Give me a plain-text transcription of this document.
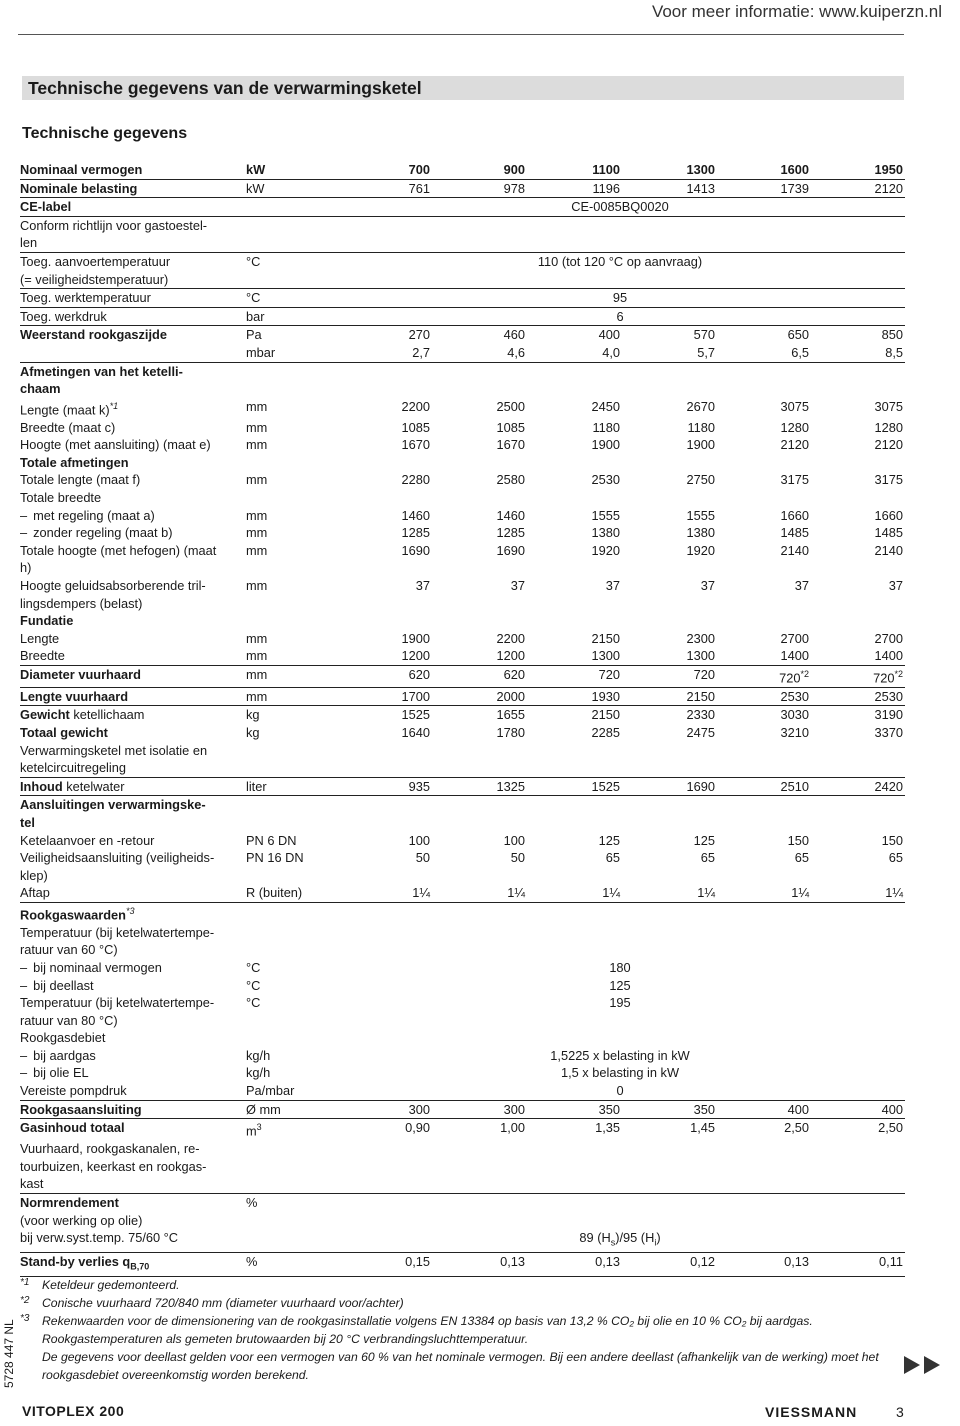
Voor meer informatie: www.kuiperzn.nl
Technische gegevens van de verwarmingsketel
Technische gegevens
Nominaal vermogen	kW	700	900	1100	1300	1600	1950
Nominale belasting	kW	761	978	1196	1413	1739	2120
CE-label		CE-0085BQ0020					
Conform richtlijn voor gastoestel-							
len							
Toeg. aanvoertemperatuur	°C	110 (tot 120 °C op aanvraag)					
(= veiligheidstemperatuur)							
Toeg. werktemperatuur	°C	95					
Toeg. werkdruk	bar	6					
Weerstand rookgaszijde	Pa	270	460	400	570	650	850
	mbar	2,7	4,6	4,0	5,7	6,5	8,5
Afmetingen van het ketelli-							
chaam							
Lengte (maat k)$^{*1}$	mm	2200	2500	2450	2670	3075	3075
Breedte (maat c)	mm	1085	1085	1180	1180	1280	1280
Hoogte (met aansluiting) (maat e)	mm	1670	1670	1900	1900	2120	2120
Totale afmetingen							
Totale lengte (maat f)	mm	2280	2580	2530	2750	3175	3175
Totale breedte							
– met regeling (maat a)	mm	1460	1460	1555	1555	1660	1660
– zonder regeling (maat b)	mm	1285	1285	1380	1380	1485	1485
Totale hoogte (met hefogen) (maat	mm	1690	1690	1920	1920	2140	2140
h)							
Hoogte geluidsabsorberende tril-	mm	37	37	37	37	37	37
lingsdempers (belast)							
Fundatie							
Lengte	mm	1900	2200	2150	2300	2700	2700
Breedte	mm	1200	1200	1300	1300	1400	1400
Diameter vuurhaard	mm	620	620	720	720	720$^{*2}$	720$^{*2}$
Lengte vuurhaard	mm	1700	2000	1930	2150	2530	2530
Gewicht ketellichaam	kg	1525	1655	2150	2330	3030	3190
Totaal gewicht	kg	1640	1780	2285	2475	3210	3370
Verwarmingsketel met isolatie en							
ketelcircuitregeling							
Inhoud ketelwater	liter	935	1325	1525	1690	2510	2420
Aansluitingen verwarmingske-							
tel							
Ketelaanvoer en -retour	PN 6 DN	100	100	125	125	150	150
Veiligheidsaansluiting (veiligheids-	PN 16 DN	50	50	65	65	65	65
klep)							
Aftap	R (buiten)	1¼	1¼	1¼	1¼	1¼	1¼
Rookgaswaarden$^{*3}$		
Temperatuur (bij ketelwatertempe-							
ratuur van 60 °C)							
– bij nominaal vermogen	°C	180					
– bij deellast	°C	125					
Temperatuur (bij ketelwatertempe-	°C	195					
ratuur van 80 °C)							
Rookgasdebiet							
– bij aardgas	kg/h	1,5225 x belasting in kW					
– bij olie EL	kg/h	1,5 x belasting in kW					
Vereiste pompdruk	Pa/mbar	0					
Rookgasaansluiting	Ø mm	300	300	350	350	400	400
Gasinhoud totaal	$m^3$	0,90	1,00	1,35	1,45	2,50	2,50
Vuurhaard, rookgaskanalen, re-							
tourbuizen, keerkast en rookgas-							
kast							
Normrendement	%						
(voor werking op olie)							
bij verw.syst.temp. 75/60 °C		89 $(H_s)/95$ $(H_i)$					
Stand-by verlies $q_{B,70}$	%	0,15	0,13	0,13	0,12	0,13	0,11
*1	Keteldeur gedemonteerd.
*2	Conische vuurhaard 720/840 mm (diameter vuurhaard voor/achter)
*3	Rekenwaarden voor de dimensionering van de rookgasinstallatie volgens EN 13384 op basis van 13,2 % CO₂ bij olie en 10 % CO₂ bij aardgas.
Rookgastemperaturen als gemeten brutowaarden bij 20 °C verbrandingsluchttemperatuur.
De gegevens voor deellast gelden voor een vermogen van 60 % van het nominale vermogen. Bij een andere deellast (afhankelijk van de werking) moet het rookgasdebiet overeenkomstig worden berekend.
5728 447 NL
VITOPLEX 200	VIESSMANN	3
